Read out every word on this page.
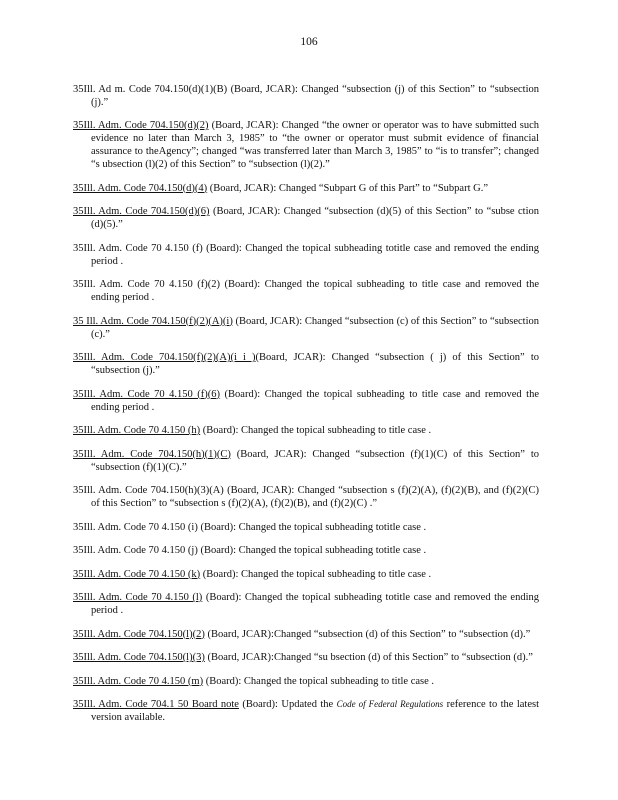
106

35Ill. Ad m. Code 704.150(d)(1)(B) (Board, JCAR): Changed “subsection (j) of this Section” to “subsection (j).”

35Ill. Adm. Code 704.150(d)(2) (Board, JCAR): Changed “the owner or operator was to have submitted such evidence no later than March 3, 1985” to “the owner or operator must submit evidence of financial assurance to theAgency”; changed “was transferred later than March 3, 1985” to “is to transfer”; changed “s ubsection (l)(2) of this Section” to “subsection (l)(2).”

35Ill. Adm. Code 704.150(d)(4) (Board, JCAR): Changed “Subpart G of this Part” to “Subpart G.”

35Ill. Adm. Code 704.150(d)(6) (Board, JCAR): Changed “subsection (d)(5) of this Section” to “subse ction (d)(5).”

35Ill. Adm. Code 70 4.150 (f) (Board): Changed the topical subheading totitle case and removed the ending period .

35Ill. Adm. Code 70 4.150 (f)(2) (Board): Changed the topical subheading to title case and removed the ending period .

35 Ill. Adm. Code 704.150(f)(2)(A)(i) (Board, JCAR): Changed “subsection (c) of this Section” to “subsection (c).”

35Ill. Adm. Code 704.150(f)(2)(A)(i i )(Board, JCAR): Changed “subsection ( j) of this Section” to “subsection (j).”

35Ill. Adm. Code 70 4.150 (f)(6) (Board): Changed the topical subheading to title case and removed the ending period .

35Ill. Adm. Code 70 4.150 (h) (Board): Changed the topical subheading to title case .

35Ill. Adm. Code 704.150(h)(1)(C) (Board, JCAR): Changed “subsection (f)(1)(C) of this Section” to “subsection (f)(1)(C).”

35Ill. Adm. Code 704.150(h)(3)(A) (Board, JCAR): Changed “subsection s (f)(2)(A), (f)(2)(B), and (f)(2)(C) of this Section” to “subsection s (f)(2)(A), (f)(2)(B), and (f)(2)(C) .”

35Ill. Adm. Code 70 4.150 (i) (Board): Changed the topical subheading totitle case .

35Ill. Adm. Code 70 4.150 (j) (Board): Changed the topical subheading totitle case .

35Ill. Adm. Code 70 4.150 (k) (Board): Changed the topical subheading to title case .

35Ill. Adm. Code 70 4.150 (l) (Board): Changed the topical subheading totitle case and removed the ending period .

35Ill. Adm. Code 704.150(l)(2) (Board, JCAR):Changed “subsection (d) of this Section” to “subsection (d).”

35Ill. Adm. Code 704.150(l)(3) (Board, JCAR):Changed “su bsection (d) of this Section” to “subsection (d).”

35Ill. Adm. Code 70 4.150 (m) (Board): Changed the topical subheading to title case .

35Ill. Adm. Code 704.1 50 Board note (Board): Updated the Code of Federal Regulations reference to the latest version available.
